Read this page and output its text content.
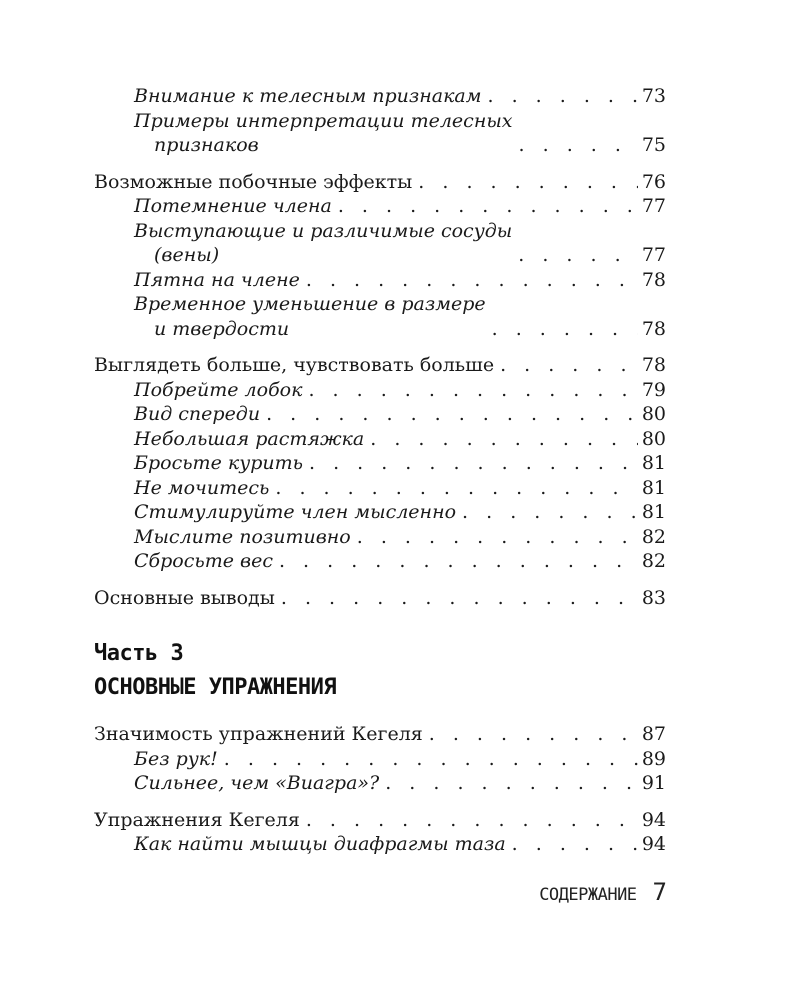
Внимание к телесным признакам . . .	73
Примеры интерпретации телесных
признаков . . .	75
Возможные побочные эффекты . . .	76
Потемнение члена . . .	77
Выступающие и различимые сосуды
(вены) . . .	77
Пятна на члене . . .	78
Временное уменьшение в размере
и твердости . . .	78
Выглядеть больше, чувствовать больше . . .	78
Побрейте лобок . . .	79
Вид спереди . . .	80
Небольшая растяжка . . .	80
Бросьте курить . . .	81
Не мочитесь . . .	81
Стимулируйте член мысленно . . .	81
Мыслите позитивно . . .	82
Сбросьте вес . . .	82
Основные выводы . . .	83
Часть 3
ОСНОВНЫЕ УПРАЖНЕНИЯ
Значимость упражнений Кегеля . . .	87
Без рук! . . .	89
Сильнее, чем «Виагра»? . . .	91
Упражнения Кегеля . . .	94
Как найти мышцы диафрагмы таза . . .	94
СОДЕРЖАНИЕ 7
